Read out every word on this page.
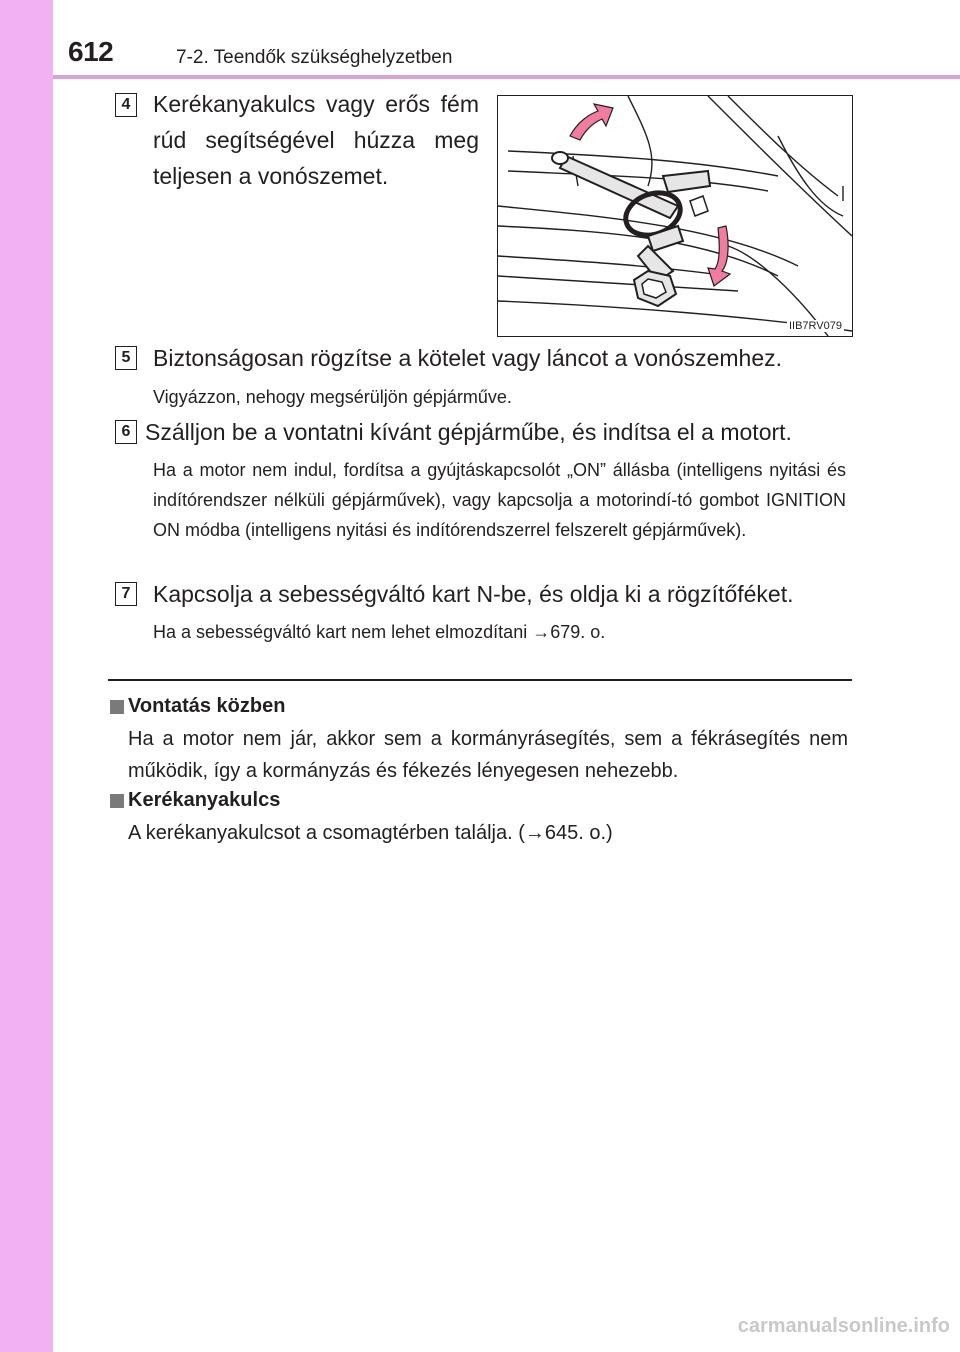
612	7-2. Teendők szükséghelyzetben
4 Kerékanyakulcs vagy erős fém rúd segítségével húzza meg teljesen a vonószemet.
IIB7RV079
5 Biztonságosan rögzítse a kötelet vagy láncot a vonószemhez.
Vigyázzon, nehogy megsérüljön gépjárműve.
6 Szálljon be a vontatni kívánt gépjárműbe, és indítsa el a motort.
Ha a motor nem indul, fordítsa a gyújtáskapcsolót „ON” állásba (intelligens nyitási és indítórendszer nélküli gépjárművek), vagy kapcsolja a motorindí-tó gombot IGNITION ON módba (intelligens nyitási és indítórendszerrel felszerelt gépjárművek).
7 Kapcsolja a sebességváltó kart N-be, és oldja ki a rögzítőféket.
Ha a sebességváltó kart nem lehet elmozdítani →679. o.
Vontatás közben
Ha a motor nem jár, akkor sem a kormányrásegítés, sem a fékrásegítés nem működik, így a kormányzás és fékezés lényegesen nehezebb.
Kerékanyakulcs
A kerékanyakulcsot a csomagtérben találja. (→645. o.)
carmanualsonline.info
